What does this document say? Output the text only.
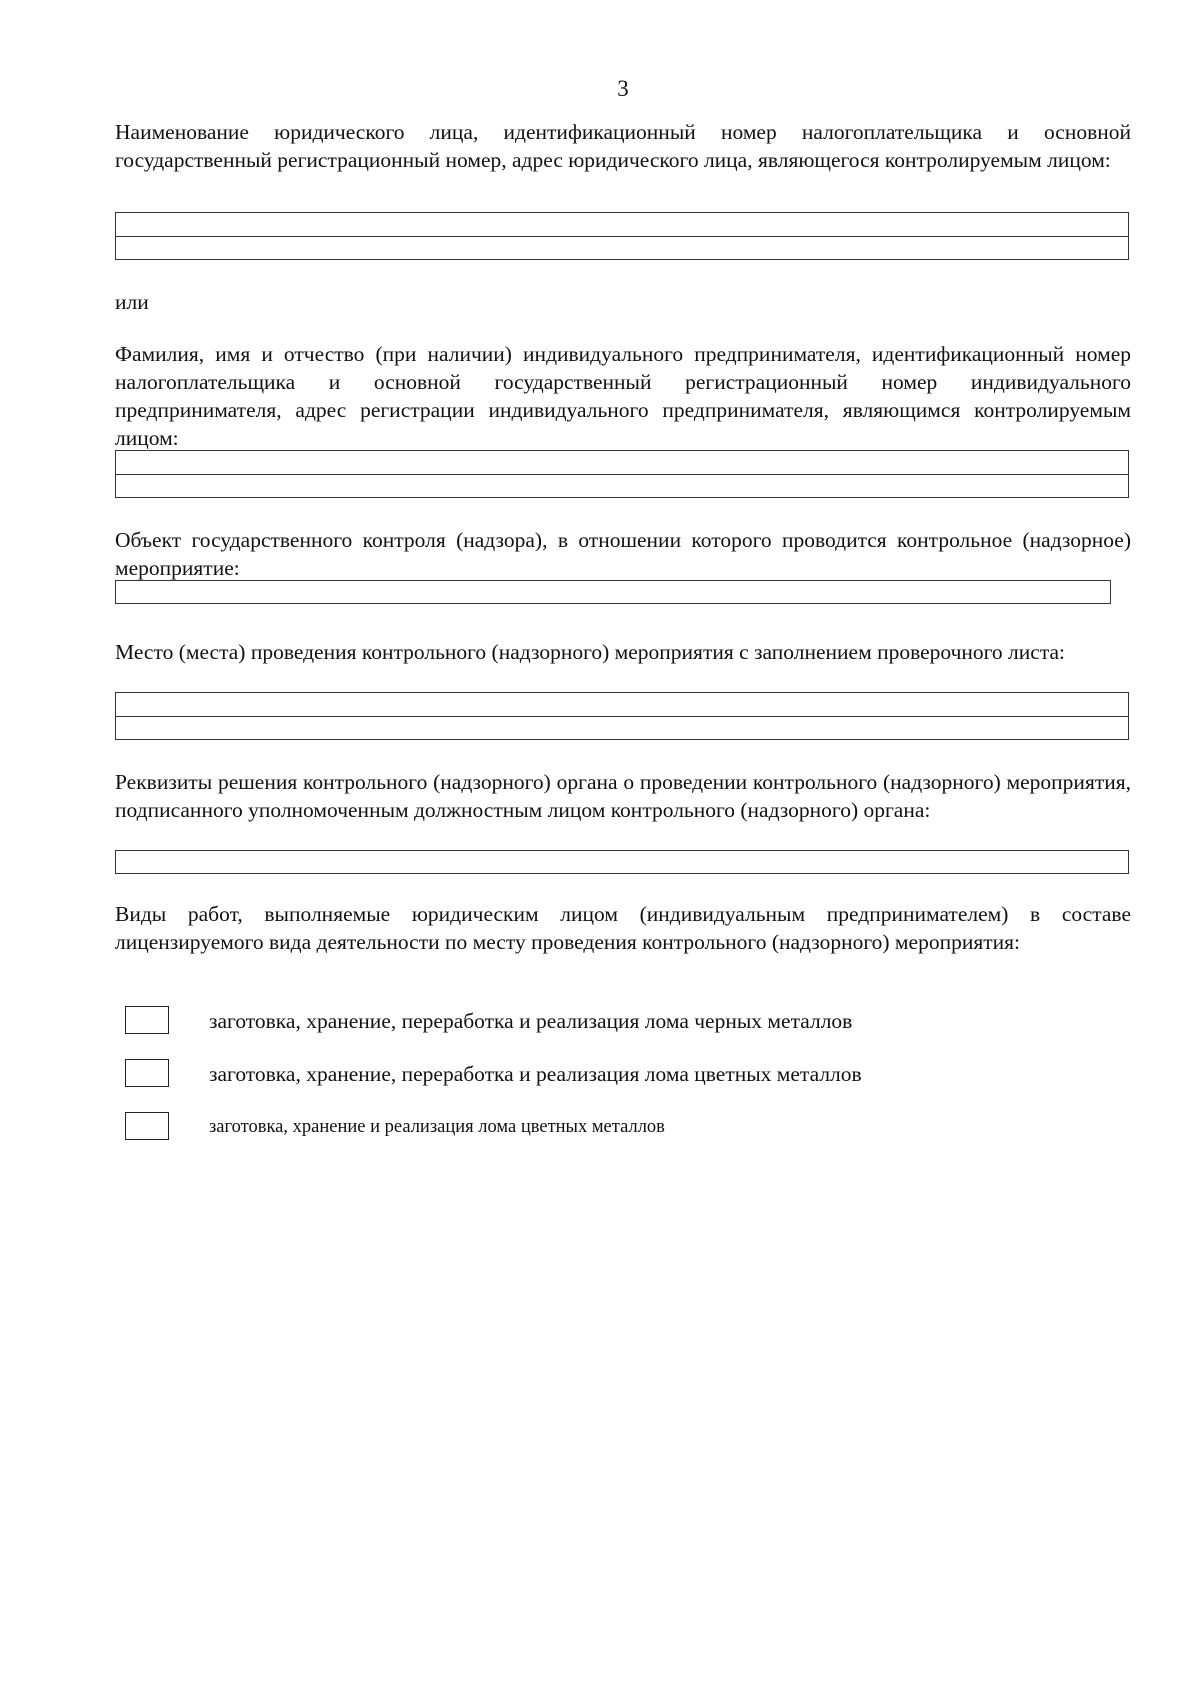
3

Наименование юридического лица, идентификационный номер налогоплательщика и основной государственный регистрационный номер, адрес юридического лица, являющегося контролируемым лицом:

или

Фамилия, имя и отчество (при наличии) индивидуального предпринимателя, идентификационный номер налогоплательщика и основной государственный регистрационный номер индивидуального предпринимателя, адрес регистрации индивидуального предпринимателя, являющимся контролируемым лицом:

Объект государственного контроля (надзора), в отношении которого проводится контрольное (надзорное) мероприятие:

Место (места) проведения контрольного (надзорного) мероприятия с заполнением проверочного листа:

Реквизиты решения контрольного (надзорного) органа о проведении контрольного (надзорного) мероприятия, подписанного уполномоченным должностным лицом контрольного (надзорного) органа:

Виды работ, выполняемые юридическим лицом (индивидуальным предпринимателем) в составе лицензируемого вида деятельности по месту проведения контрольного (надзорного) мероприятия:

заготовка, хранение, переработка и реализация лома черных металлов
заготовка, хранение, переработка и реализация лома цветных металлов
заготовка, хранение и реализация лома цветных металлов
